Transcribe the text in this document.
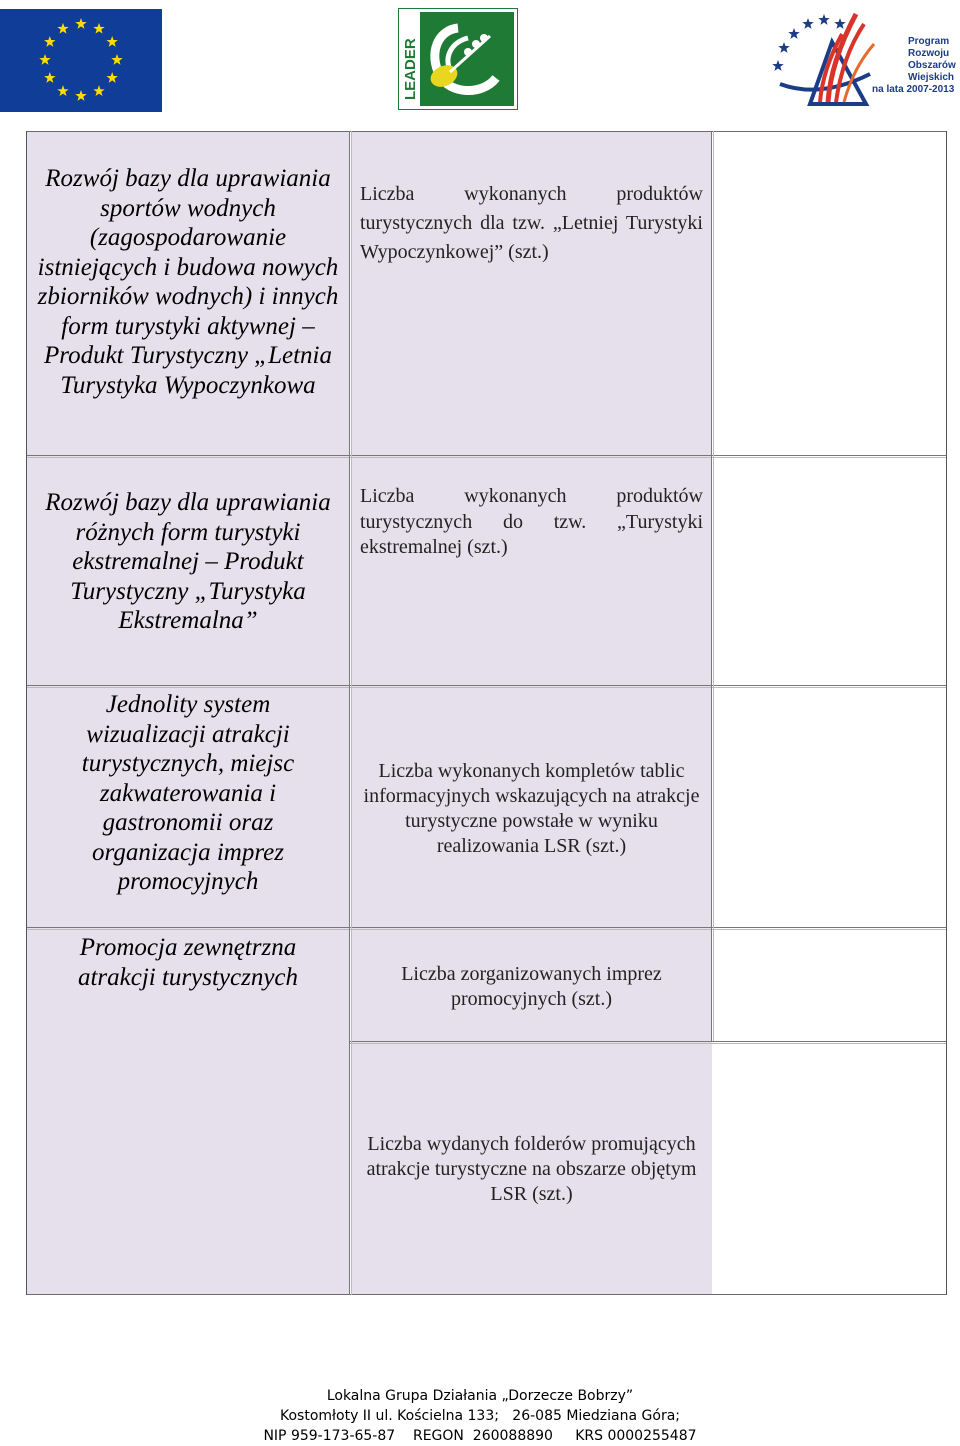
LEADER	Program
Rozwoju
Obszarów
Wiejskich
na lata 2007-2013
Rozwój bazy dla uprawiania sportów wodnych (zagospodarowanie istniejących i budowa nowych zbiorników wodnych) i innych form turystyki aktywnej – Produkt Turystyczny „Letnia Turystyka Wypoczynkowa
Liczba wykonanych produktów turystycznych dla tzw. „Letniej Turystyki Wypoczynkowej” (szt.)
Rozwój bazy dla uprawiania różnych form turystyki ekstremalnej – Produkt Turystyczny „Turystyka Ekstremalna”
Liczba wykonanych produktów turystycznych do tzw. „Turystyki ekstremalnej (szt.)
Jednolity system wizualizacji atrakcji turystycznych, miejsc zakwaterowania i gastronomii oraz organizacja imprez promocyjnych
Liczba wykonanych kompletów tablic informacyjnych wskazujących na atrakcje turystyczne powstałe w wyniku realizowania LSR (szt.)
Promocja zewnętrzna atrakcji turystycznych	Liczba zorganizowanych imprez promocyjnych (szt.)
Liczba wydanych folderów promujących atrakcje turystyczne na obszarze objętym LSR (szt.)
Lokalna Grupa Działania „Dorzecze Bobrzy”
Kostomłoty II ul. Kościelna 133;   26-085 Miedziana Góra;
NIP 959-173-65-87    REGON  260088890     KRS 0000255487
